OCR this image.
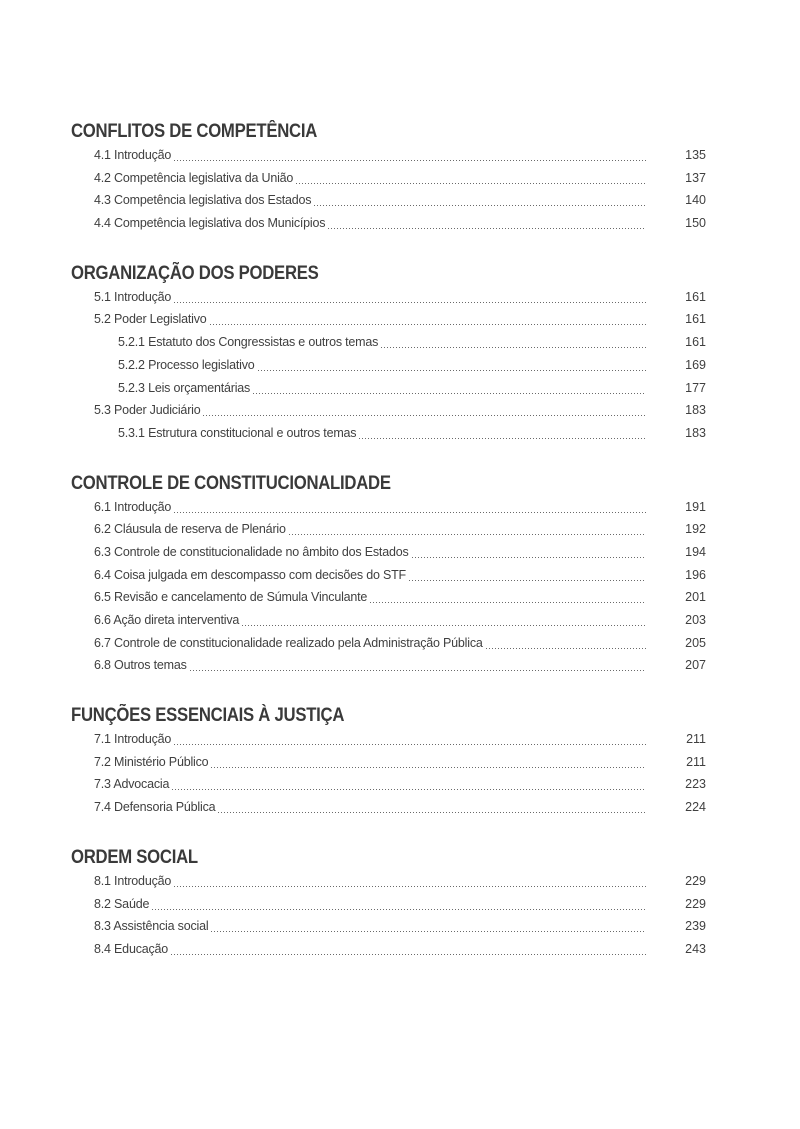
CONFLITOS DE COMPETÊNCIA
4.1 Introdução	135
4.2 Competência legislativa da União	137
4.3 Competência legislativa dos Estados	140
4.4 Competência legislativa dos Municípios	150
ORGANIZAÇÃO DOS PODERES
5.1 Introdução	161
5.2 Poder Legislativo	161
5.2.1 Estatuto dos Congressistas e outros temas	161
5.2.2 Processo legislativo	169
5.2.3 Leis orçamentárias	177
5.3 Poder Judiciário	183
5.3.1 Estrutura constitucional e outros temas	183
CONTROLE DE CONSTITUCIONALIDADE
6.1 Introdução	191
6.2 Cláusula de reserva de Plenário	192
6.3 Controle de constitucionalidade no âmbito dos Estados	194
6.4 Coisa julgada em descompasso com decisões do STF	196
6.5 Revisão e cancelamento de Súmula Vinculante	201
6.6 Ação direta interventiva	203
6.7 Controle de constitucionalidade realizado pela Administração Pública	205
6.8 Outros temas	207
FUNÇÕES ESSENCIAIS À JUSTIÇA
7.1 Introdução	211
7.2 Ministério Público	211
7.3 Advocacia	223
7.4 Defensoria Pública	224
ORDEM SOCIAL
8.1 Introdução	229
8.2 Saúde	229
8.3 Assistência social	239
8.4 Educação	243
